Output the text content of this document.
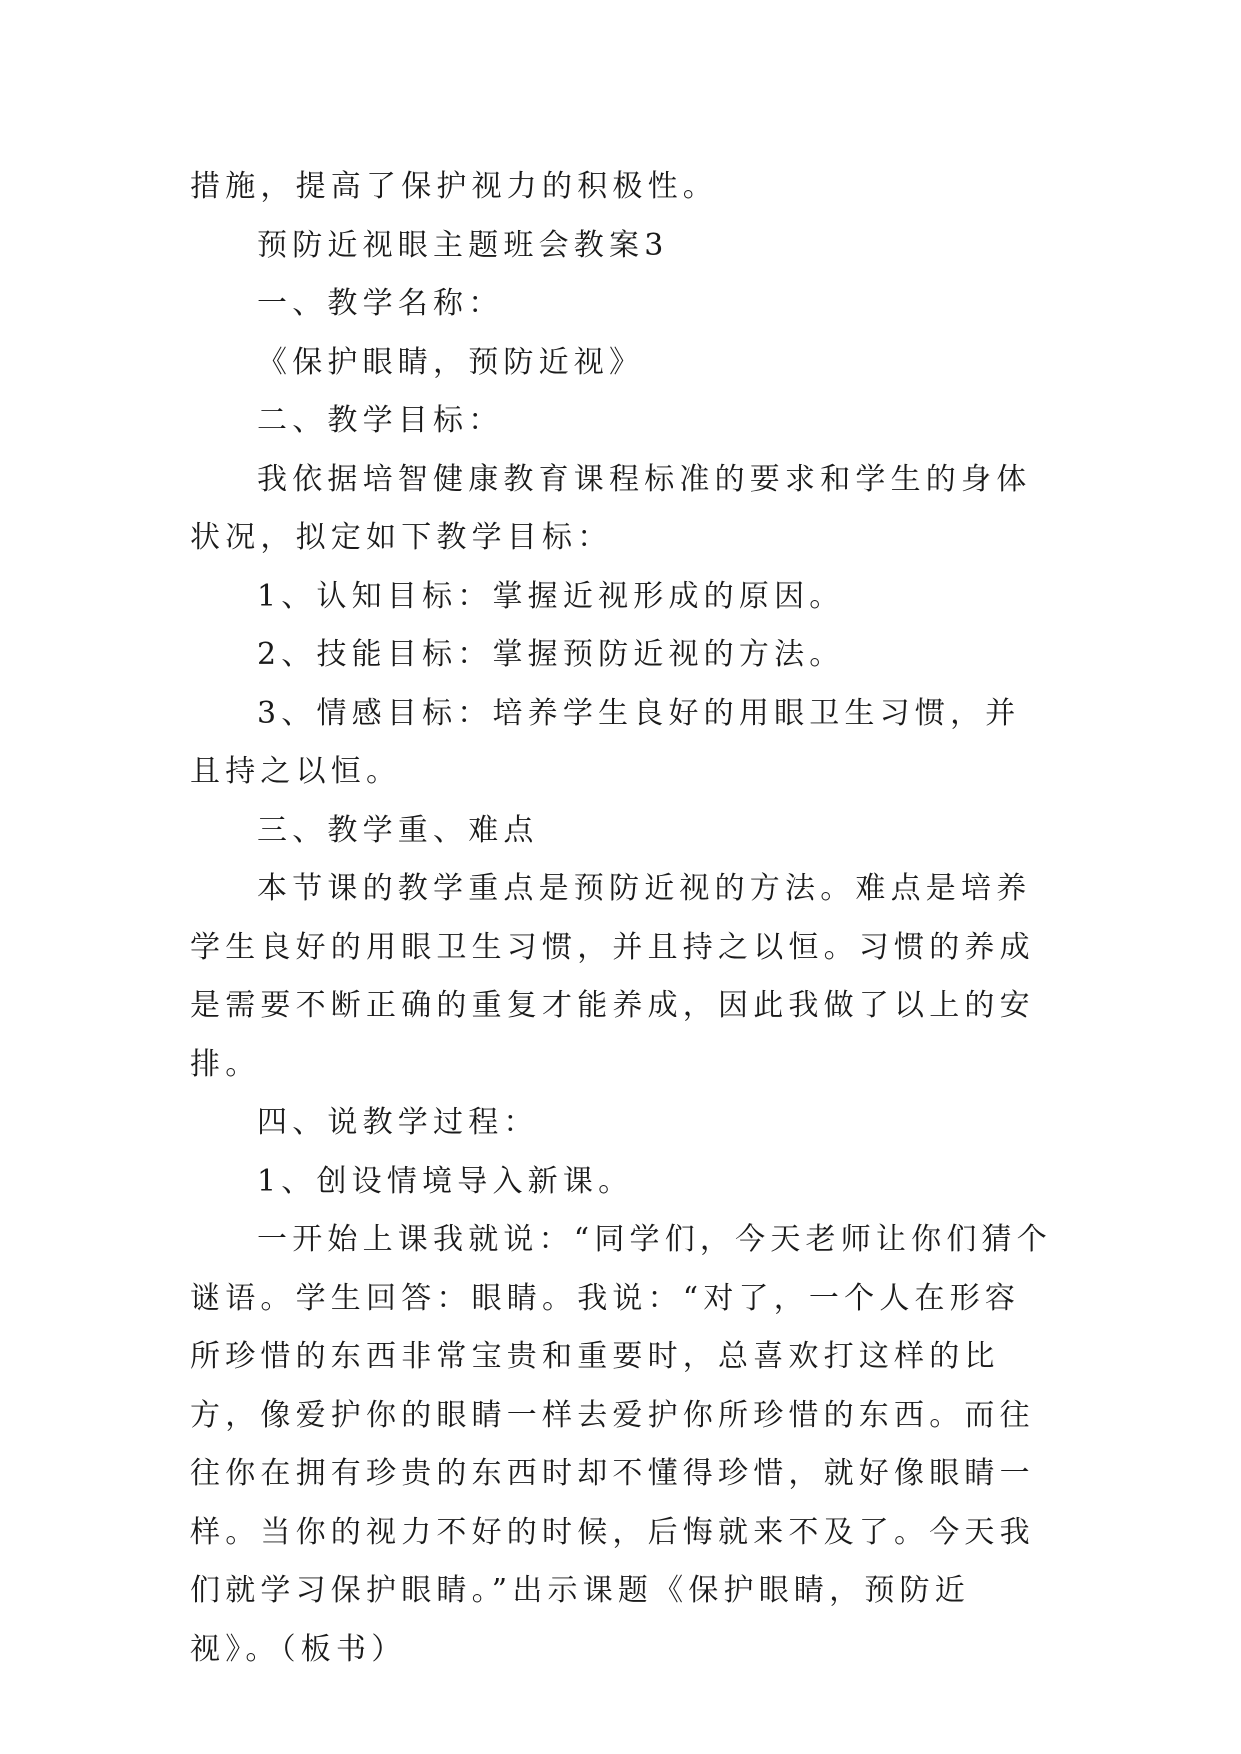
措施，提高了保护视力的积极性。

预防近视眼主题班会教案3

一、教学名称：

《保护眼睛，预防近视》

二、教学目标：

我依据培智健康教育课程标准的要求和学生的身体状况，拟定如下教学目标：

1、认知目标：掌握近视形成的原因。

2、技能目标：掌握预防近视的方法。

3、情感目标：培养学生良好的用眼卫生习惯，并且持之以恒。

三、教学重、难点

本节课的教学重点是预防近视的方法。难点是培养学生良好的用眼卫生习惯，并且持之以恒。习惯的养成是需要不断正确的重复才能养成，因此我做了以上的安排。

四、说教学过程：

1、创设情境导入新课。

一开始上课我就说：“同学们，今天老师让你们猜个谜语。学生回答：眼睛。我说：“对了，一个人在形容所珍惜的东西非常宝贵和重要时，总喜欢打这样的比方，像爱护你的眼睛一样去爱护你所珍惜的东西。而往往你在拥有珍贵的东西时却不懂得珍惜，就好像眼睛一样。当你的视力不好的时候，后悔就来不及了。今天我们就学习保护眼睛。”出示课题《保护眼睛，预防近视》。（板书）
